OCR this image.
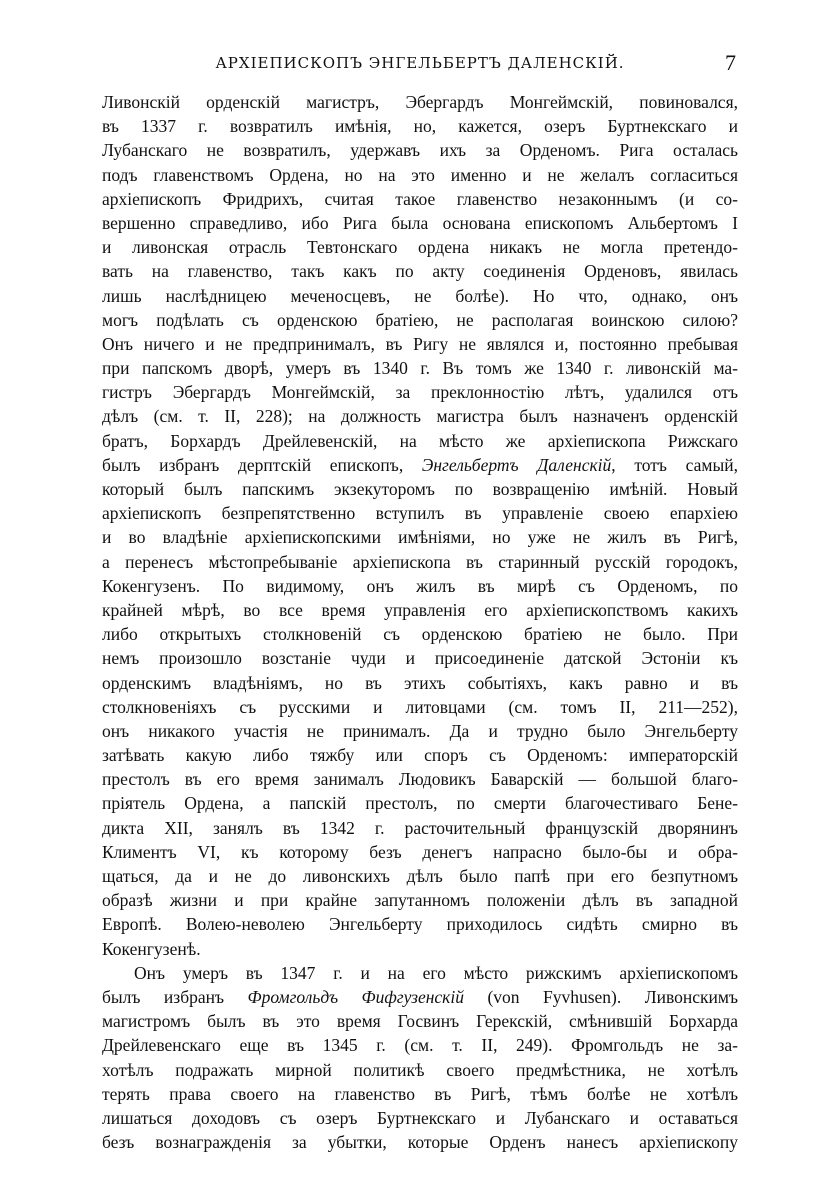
АРХІЕПИСКОПЪ ЭНГЕЛЬБЕРТЪ ДАЛЕНСКІЙ.	7
Ливонскій орденскій магистръ, Эбергардъ Монгеймскій, повиновался,
въ 1337 г. возвратилъ имѣнія, но, кажется, озеръ Буртнекскаго и
Лубанскаго не возвратилъ, удержавъ ихъ за Орденомъ. Рига осталась
подъ главенствомъ Ордена, но на это именно и не желалъ согласиться
архіепископъ Фридрихъ, считая такое главенство незаконнымъ (и со-
вершенно справедливо, ибо Рига была основана епископомъ Альбертомъ I
и ливонская отрасль Тевтонскаго ордена никакъ не могла претендо-
вать на главенство, такъ какъ по акту соединенія Орденовъ, явилась
лишь наслѣдницею меченосцевъ, не болѣе). Но что, однако, онъ
могъ подѣлать съ орденскою братіею, не располагая воинскою силою?
Онъ ничего и не предпринималъ, въ Ригу не являлся и, постоянно пребывая
при папскомъ дворѣ, умеръ въ 1340 г. Въ томъ же 1340 г. ливонскій ма-
гистръ Эбергардъ Монгеймскій, за преклонностію лѣтъ, удалился отъ
дѣлъ (см. т. II, 228); на должность магистра былъ назначенъ орденскій
братъ, Борхардъ Дрейлевенскій, на мѣсто же архіепископа Рижскаго
былъ избранъ дерптскій епископъ, Энгельбертъ Даленскій, тотъ самый,
который былъ папскимъ экзекуторомъ по возвращенію имѣній. Новый
архіепископъ безпрепятственно вступилъ въ управленіе своею епархіею
и во владѣніе архіепископскими имѣніями, но уже не жилъ въ Ригѣ,
а перенесъ мѣстопребываніе архіепископа въ старинный русскій городокъ,
Кокенгузенъ. По видимому, онъ жилъ въ мирѣ съ Орденомъ, по
крайней мѣрѣ, во все время управленія его архіепископствомъ какихъ
либо открытыхъ столкновеній съ орденскою братіею не было. При
немъ произошло возстаніе чуди и присоединеніе датской Эстоніи къ
орденскимъ владѣніямъ, но въ этихъ событіяхъ, какъ равно и въ
столкновеніяхъ съ русскими и литовцами (см. томъ II, 211—252),
онъ никакого участія не принималъ. Да и трудно было Энгельберту
затѣвать какую либо тяжбу или споръ съ Орденомъ: императорскій
престолъ въ его время занималъ Людовикъ Баварскій — большой благо-
пріятель Ордена, а папскій престолъ, по смерти благочестиваго Бене-
дикта XII, занялъ въ 1342 г. расточительный французскій дворянинъ
Климентъ VI, къ которому безъ денегъ напрасно было-бы и обра-
щаться, да и не до ливонскихъ дѣлъ было папѣ при его безпутномъ
образѣ жизни и при крайне запутанномъ положеніи дѣлъ въ западной
Европѣ. Волею-неволею Энгельберту приходилось сидѣть смирно въ
Кокенгузенѣ.
Онъ умеръ въ 1347 г. и на его мѣсто рижскимъ архіепископомъ
былъ избранъ Фромгольдъ Фифгузенскій (von Fyvhusen). Ливонскимъ
магистромъ былъ въ это время Госвинъ Герекскій, смѣнившій Борхарда
Дрейлевенскаго еще въ 1345 г. (см. т. II, 249). Фромгольдъ не за-
хотѣлъ подражать мирной политикѣ своего предмѣстника, не хотѣлъ
терять права своего на главенство въ Ригѣ, тѣмъ болѣе не хотѣлъ
лишаться доходовъ съ озеръ Буртнекскаго и Лубанскаго и оставаться
безъ вознагражденія за убытки, которые Орденъ нанесъ архіепископу
